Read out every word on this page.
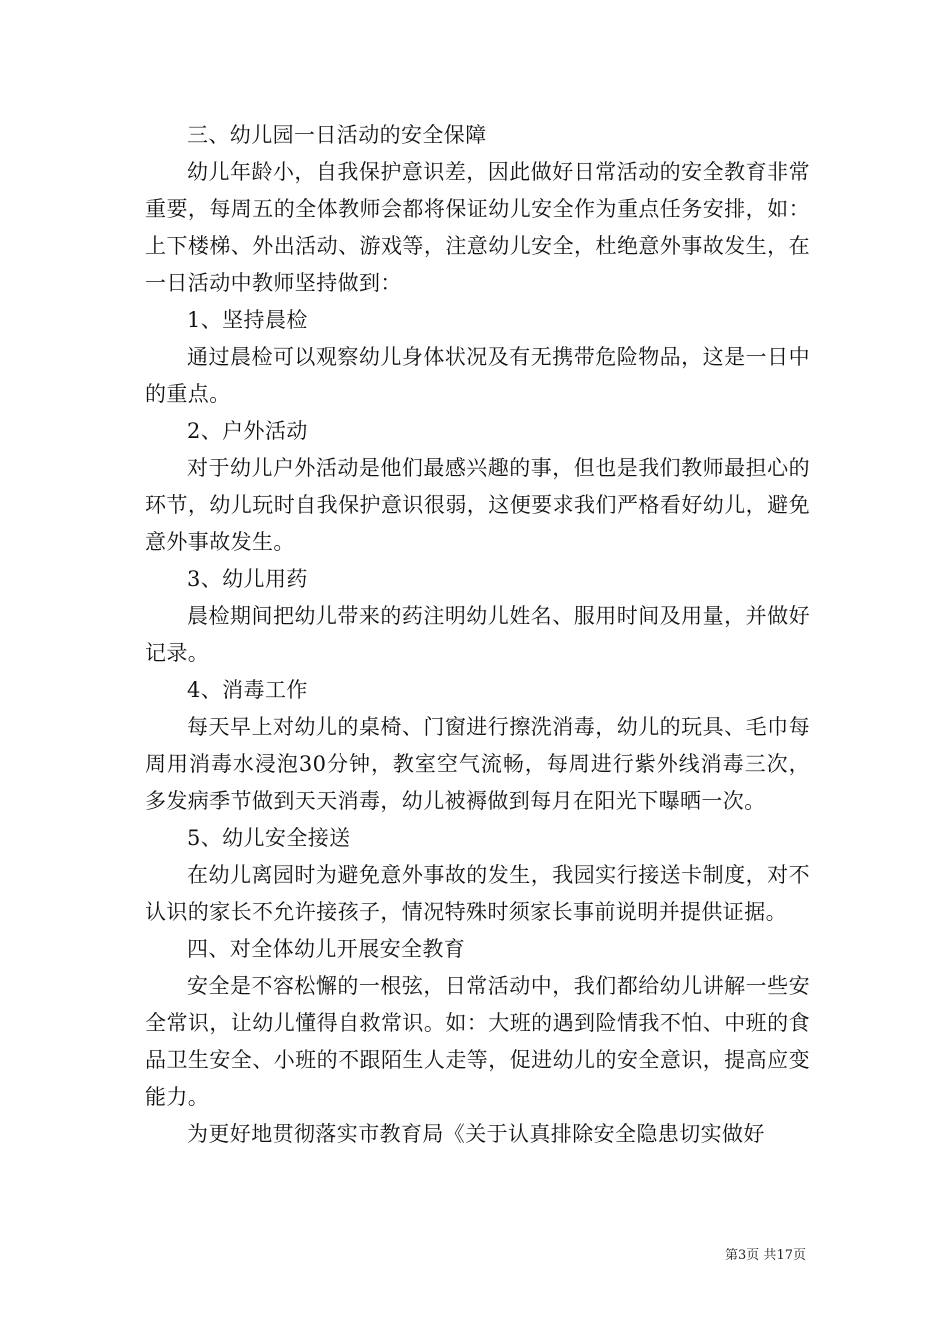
三、幼儿园一日活动的安全保障

幼儿年龄小，自我保护意识差，因此做好日常活动的安全教育非常重要，每周五的全体教师会都将保证幼儿安全作为重点任务安排，如：上下楼梯、外出活动、游戏等，注意幼儿安全，杜绝意外事故发生，在一日活动中教师坚持做到：

1、坚持晨检

通过晨检可以观察幼儿身体状况及有无携带危险物品，这是一日中的重点。

2、户外活动

对于幼儿户外活动是他们最感兴趣的事，但也是我们教师最担心的环节，幼儿玩时自我保护意识很弱，这便要求我们严格看好幼儿，避免意外事故发生。

3、幼儿用药

晨检期间把幼儿带来的药注明幼儿姓名、服用时间及用量，并做好记录。

4、消毒工作

每天早上对幼儿的桌椅、门窗进行擦洗消毒，幼儿的玩具、毛巾每周用消毒水浸泡30分钟，教室空气流畅，每周进行紫外线消毒三次，多发病季节做到天天消毒，幼儿被褥做到每月在阳光下曝晒一次。

5、幼儿安全接送

在幼儿离园时为避免意外事故的发生，我园实行接送卡制度，对不认识的家长不允许接孩子，情况特殊时须家长事前说明并提供证据。

四、对全体幼儿开展安全教育

安全是不容松懈的一根弦，日常活动中，我们都给幼儿讲解一些安全常识，让幼儿懂得自救常识。如：大班的遇到险情我不怕、中班的食品卫生安全、小班的不跟陌生人走等，促进幼儿的安全意识，提高应变能力。

为更好地贯彻落实市教育局《关于认真排除安全隐患切实做好

第3页 共17页
